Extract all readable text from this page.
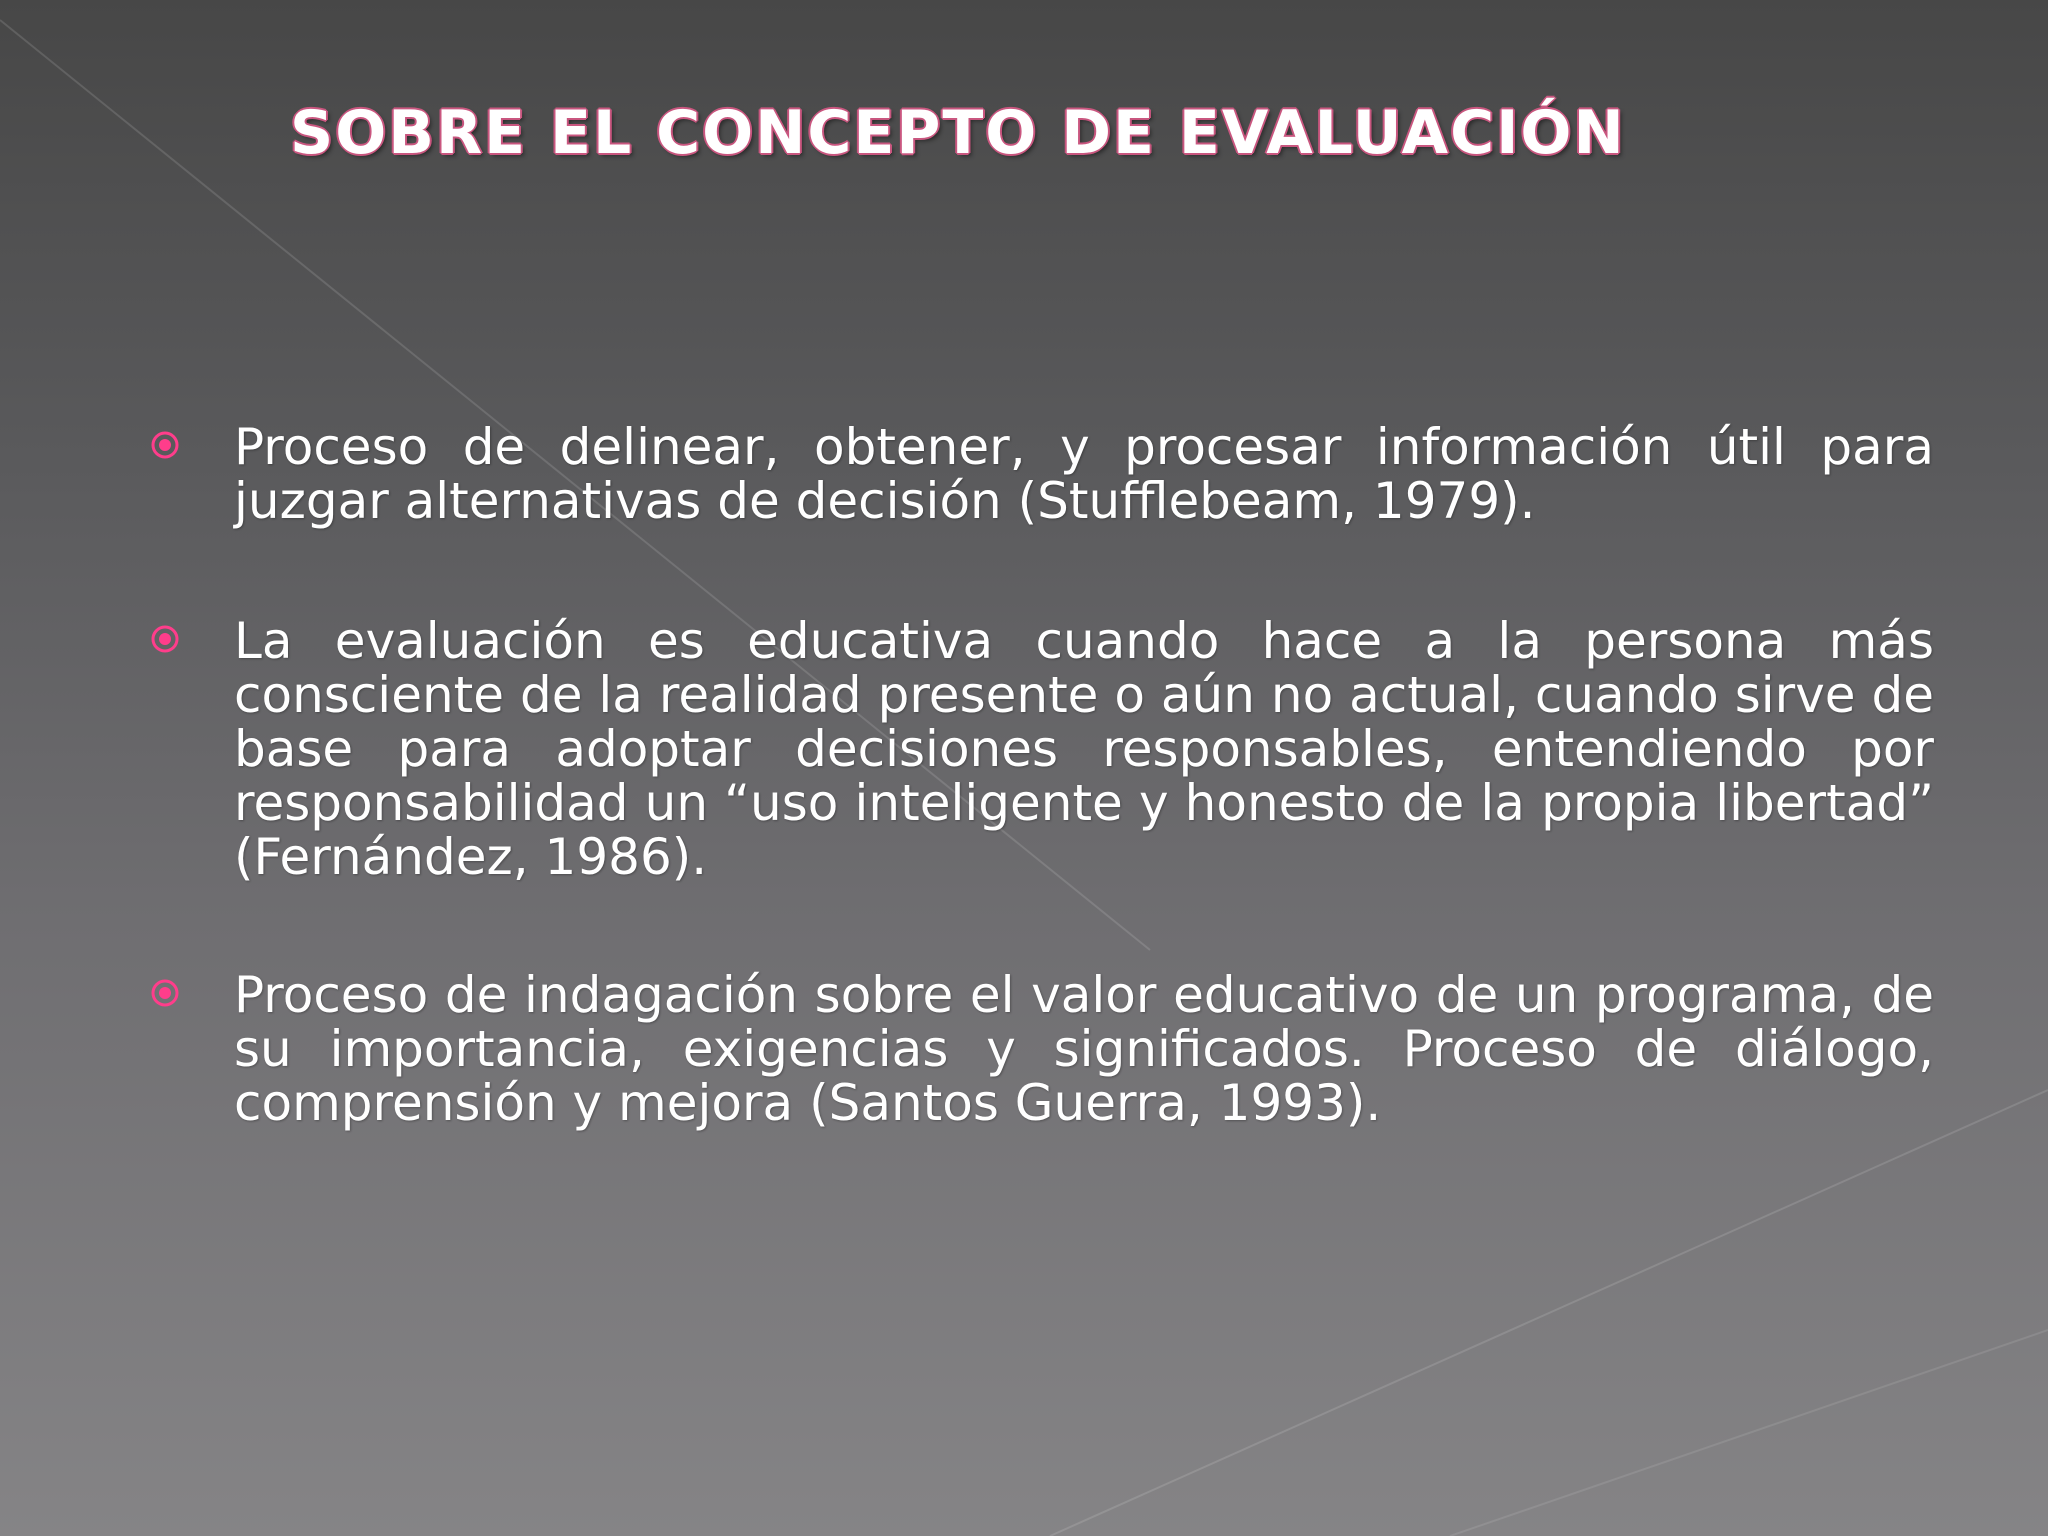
SOBRE EL CONCEPTO DE EVALUACIÓN

Proceso de delinear, obtener, y procesar información útil para juzgar alternativas de decisión (Stufflebeam, 1979).

La evaluación es educativa cuando hace a la persona más consciente de la realidad presente o aún no actual, cuando sirve de base para adoptar decisiones responsables, entendiendo por responsabilidad un “uso inteligente y honesto de la propia libertad” (Fernández, 1986).

Proceso de indagación sobre el valor educativo de un programa, de su importancia, exigencias y significados. Proceso de diálogo, comprensión y mejora (Santos Guerra, 1993).
